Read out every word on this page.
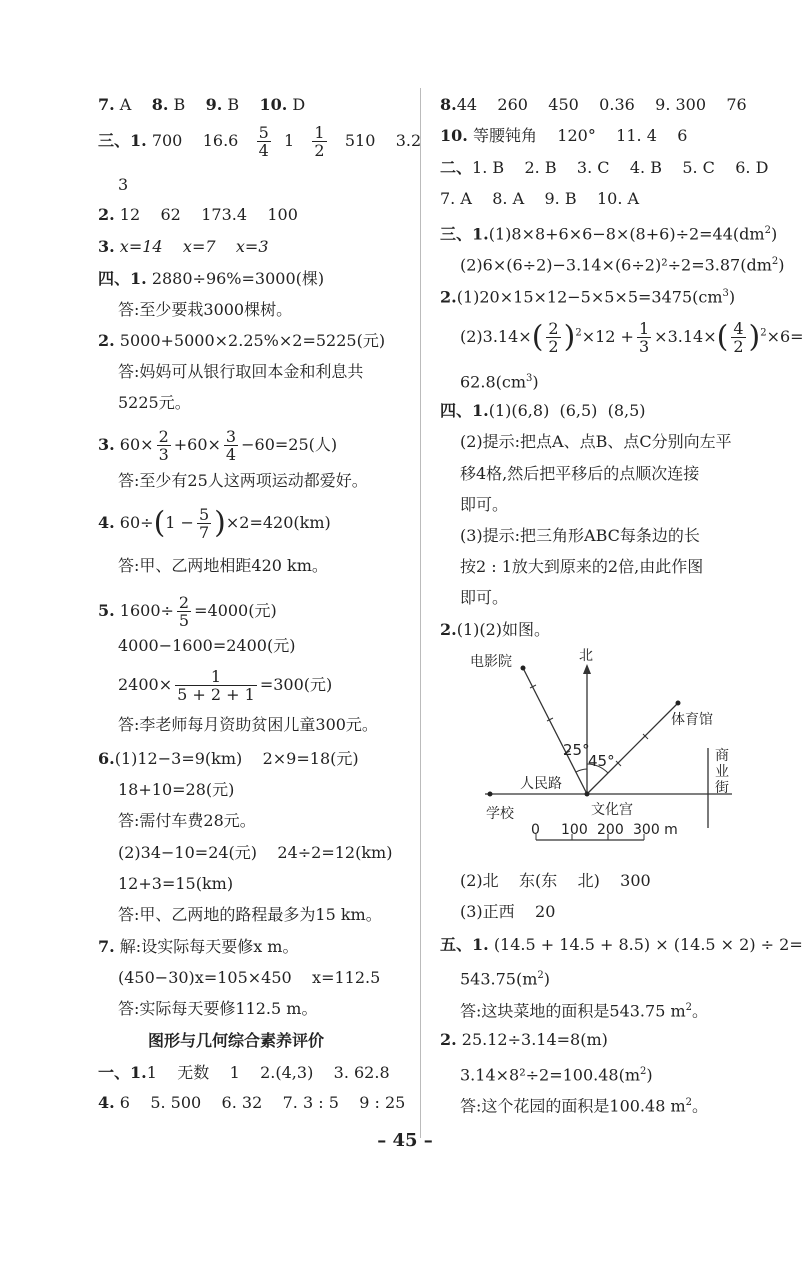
7. A 8. B 9. B 10. D
三、1. 700 $16.6 \frac{5}{4} 1 \frac{1}{2} 510$ 3.2
3
2. 12    62    173.4    100
3. x=14    x=7    x=3
四、1. 2880÷96%=3000(棵)
答:至少要栽3000棵树。
2. 5000+5000×2.25%×2=5225(元)
答:妈妈可从银行取回本金和利息共
5225元。
3. $60\times \frac{2}{3} +60\times \frac{3}{4} -60=25$(人)
答:至少有25人这两项运动都爱好。
4. $60\div(1 - \frac{5}{7} )\times 2=420(km)$
答:甲、乙两地相距420 km。
5. $1600\div \frac{2}{5} =4000$(元)
4000−1600=2400(元)
$2400\times \frac{1}{5 + 2 + 1} =300$(元)
答:李老师每月资助贫困儿童300元。
6.(1)12−3=9(km)    2×9=18(元)
18+10=28(元)
答:需付车费28元。
(2)34−10=24(元)    24÷2=12(km)
12+3=15(km)
答:甲、乙两地的路程最多为15 km。
7. 解:设实际每天要修x m。
(450−30)x=105×450    x=112.5
答:实际每天要修112.5 m。
图形与几何综合素养评价
一、1.1    无数    1    2.(4,3)    3. 62.8
4. 6    5. 500    6. 32    7. 3 : 5    9 : 25
8.44    260    450    0.36    9. 300    76
10. 等腰钝角    120°    11. 4    6
二、1. B    2. B    3. C    4. B    5. C    6. D
7. A    8. A    9. B    10. A
三、$1.(1)8\times 8+6\times 6-8\times(8+6)\div 2=44(dm^2)$
$(2)6\times(6\div 2)-3.14\times(6\div 2)^2\div 2=3.87(dm^2)$
$2.(1)20\times 15\times 12-5\times 5\times 5=3475(cm^3)$
$(2)3.14\times( \frac{2}{2} )^2\times 12 + \frac{1}{3} \times 3.14\times( \frac{4}{2} )^2\times 6=$
$62.8(cm^3)$
四、1.(1)(6,8)  (6,5)  (8,5)
(2)提示:把点A、点B、点C分别向左平
移4格,然后把平移后的点顺次连接
即可。
(3)提示:把三角形ABC每条边的长
按2 : 1放大到原来的2倍,由此作图
即可。
2.(1)(2)如图。
电影院	北
体育馆
25°
45°	商
业
街
人民路
学校	文化宫
0 100 200 300 m
(2)北    东(东    北)    300
(3)正西    20
五、1. (14.5 + 14.5 + 8.5) × (14.5 × 2) ÷ 2=
$543.75(m^2)$
答:这块菜地的面积是543.75 $m^2$。
2. 25.12÷3.14=8(m)
$3.14\times 8^2\div 2=100.48(m^2)$
答:这个花园的面积是100.48 $m^2$。
– 45 –
